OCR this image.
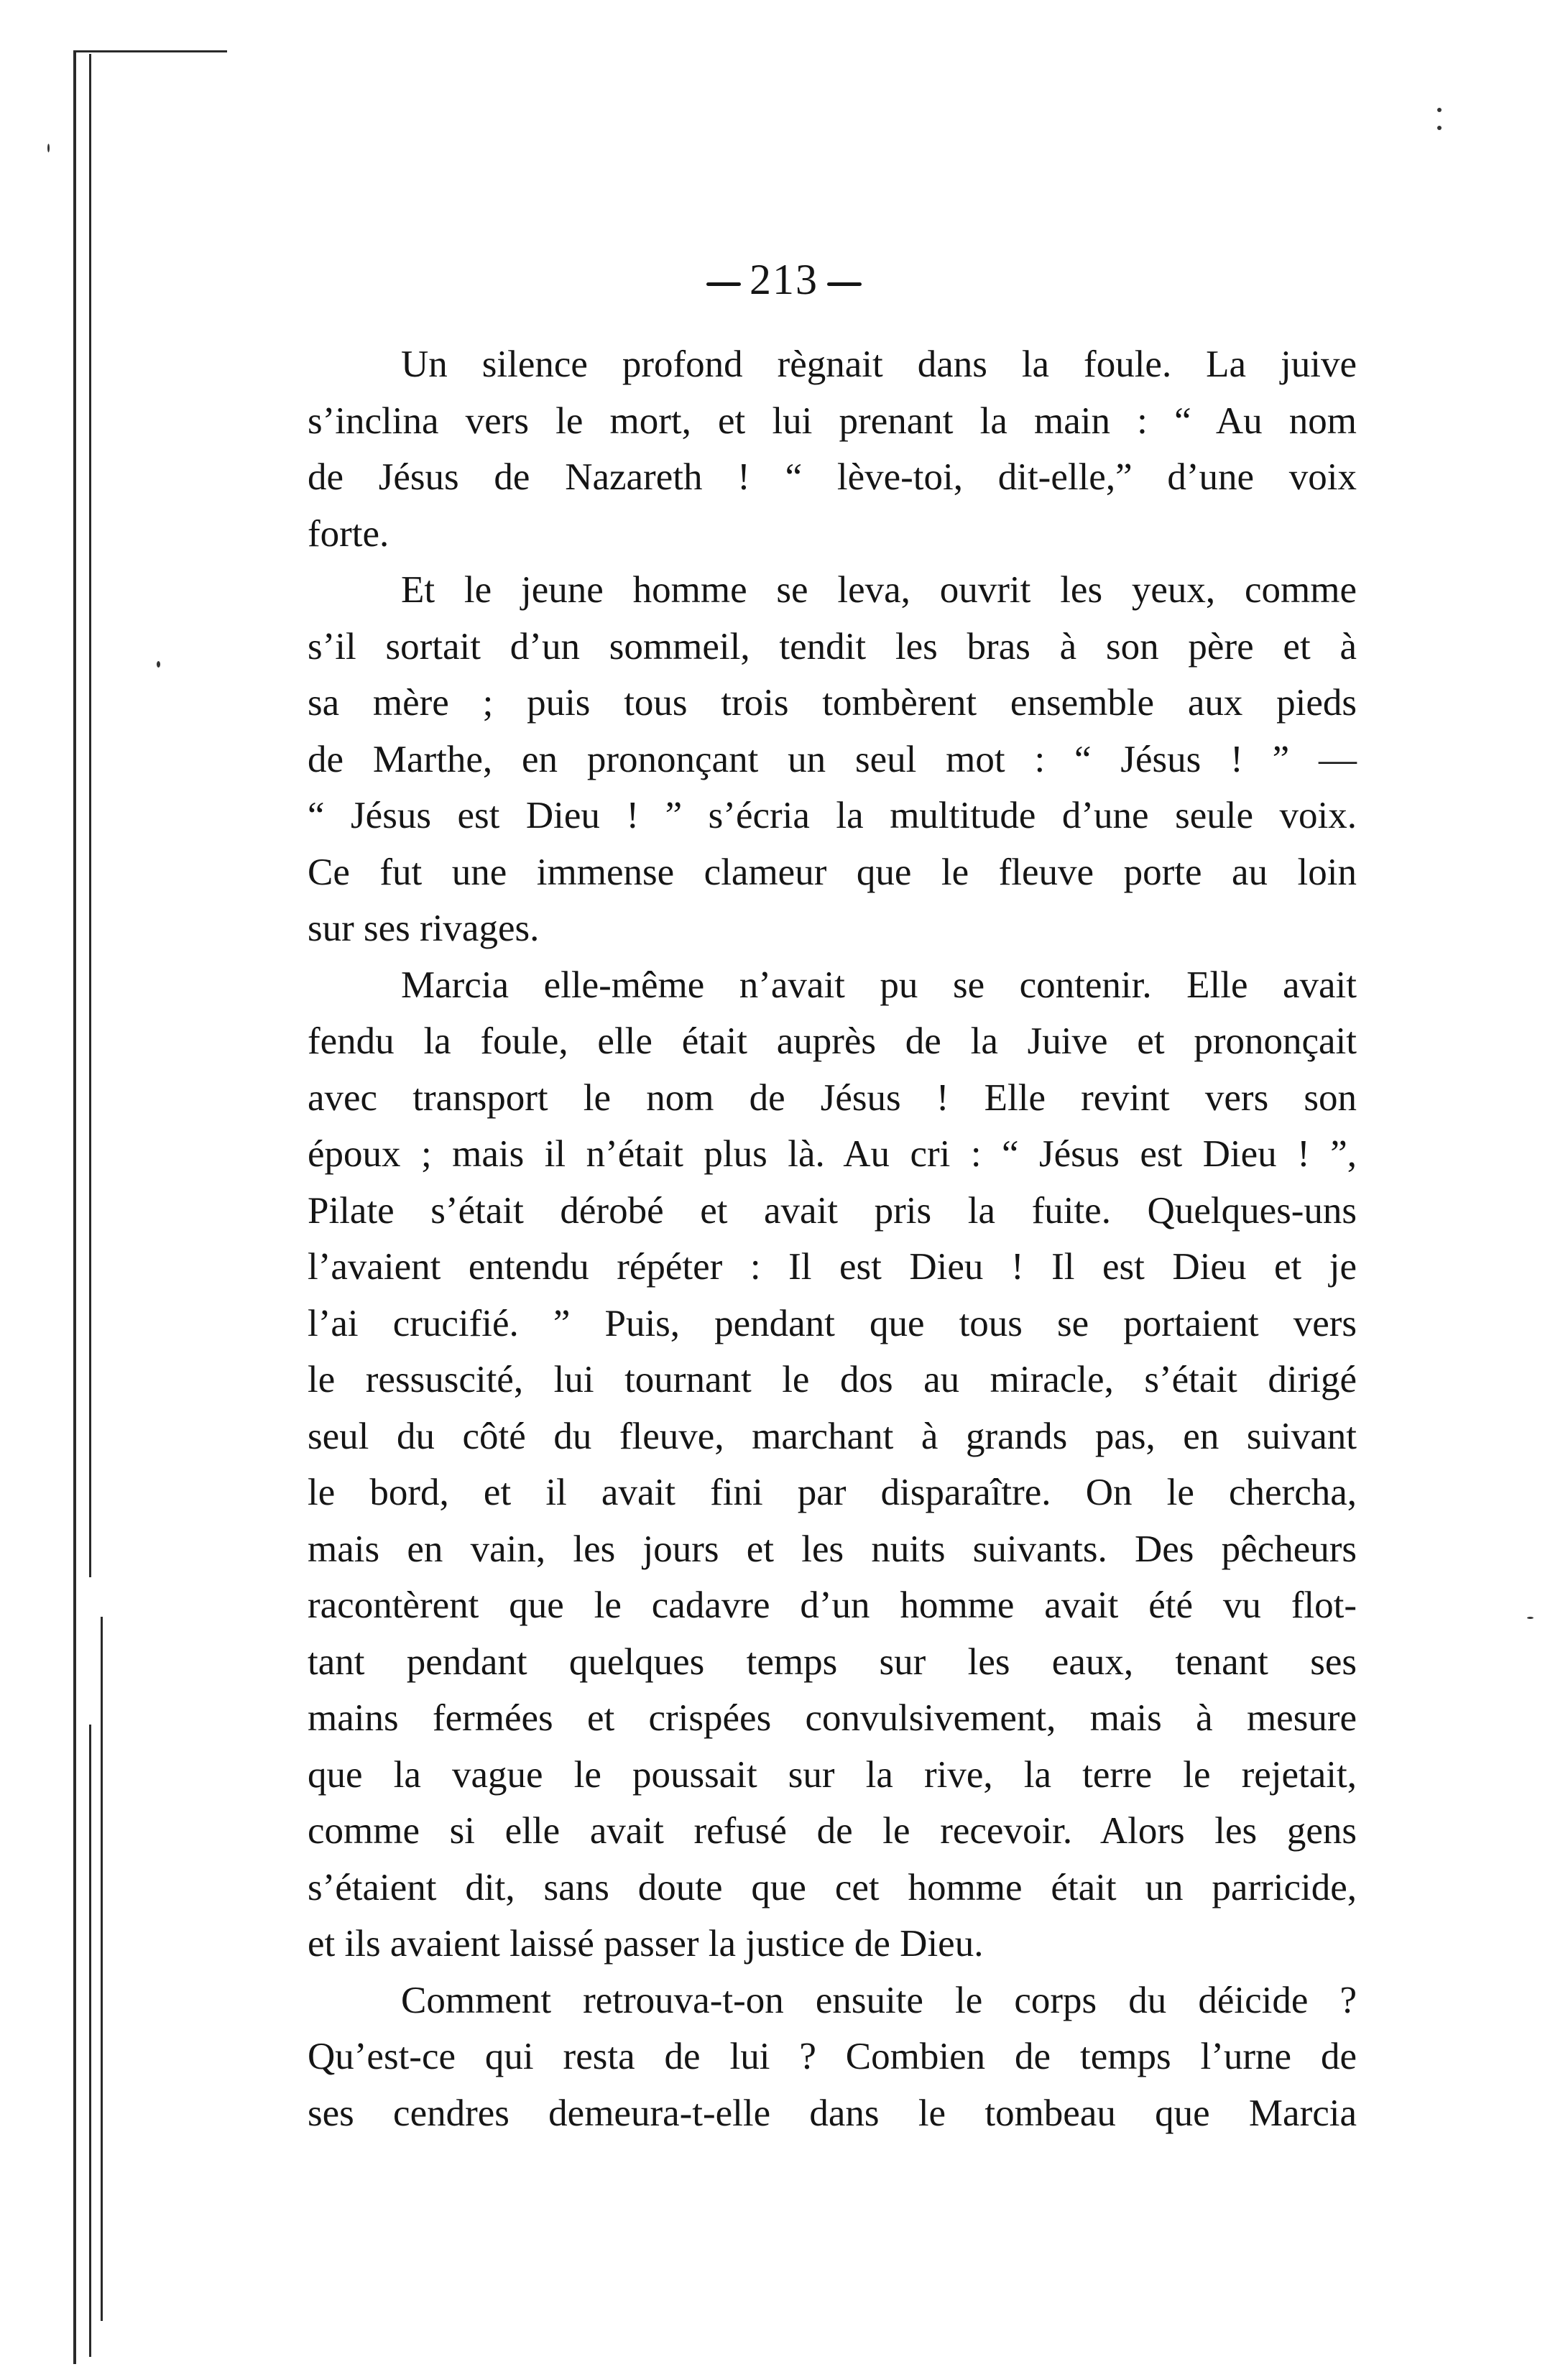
213
Un silence profond règnait dans la foule. La juive
s’inclina vers le mort, et lui prenant la main : “ Au nom
de Jésus de Nazareth ! “ lève-toi, dit-elle,” d’une voix
forte.
Et le jeune homme se leva, ouvrit les yeux, comme
s’il sortait d’un sommeil, tendit les bras à son père et à
sa mère ; puis tous trois tombèrent ensemble aux pieds
de Marthe, en prononçant un seul mot : “ Jésus ! ” —
“ Jésus est Dieu ! ” s’écria la multitude d’une seule voix.
Ce fut une immense clameur que le fleuve porte au loin
sur ses rivages.
Marcia elle-même n’avait pu se contenir. Elle avait
fendu la foule, elle était auprès de la Juive et prononçait
avec transport le nom de Jésus ! Elle revint vers son
époux ; mais il n’était plus là. Au cri : “ Jésus est Dieu ! ”,
Pilate s’était dérobé et avait pris la fuite. Quelques-uns
l’avaient entendu répéter : Il est Dieu ! Il est Dieu et je
l’ai crucifié. ” Puis, pendant que tous se portaient vers
le ressuscité, lui tournant le dos au miracle, s’était dirigé
seul du côté du fleuve, marchant à grands pas, en suivant
le bord, et il avait fini par disparaître. On le chercha,
mais en vain, les jours et les nuits suivants. Des pêcheurs
racontèrent que le cadavre d’un homme avait été vu flot-
tant pendant quelques temps sur les eaux, tenant ses
mains fermées et crispées convulsivement, mais à mesure
que la vague le poussait sur la rive, la terre le rejetait,
comme si elle avait refusé de le recevoir. Alors les gens
s’étaient dit, sans doute que cet homme était un parricide,
et ils avaient laissé passer la justice de Dieu.
Comment retrouva-t-on ensuite le corps du déicide ?
Qu’est-ce qui resta de lui ? Combien de temps l’urne de
ses cendres demeura-t-elle dans le tombeau que Marcia
